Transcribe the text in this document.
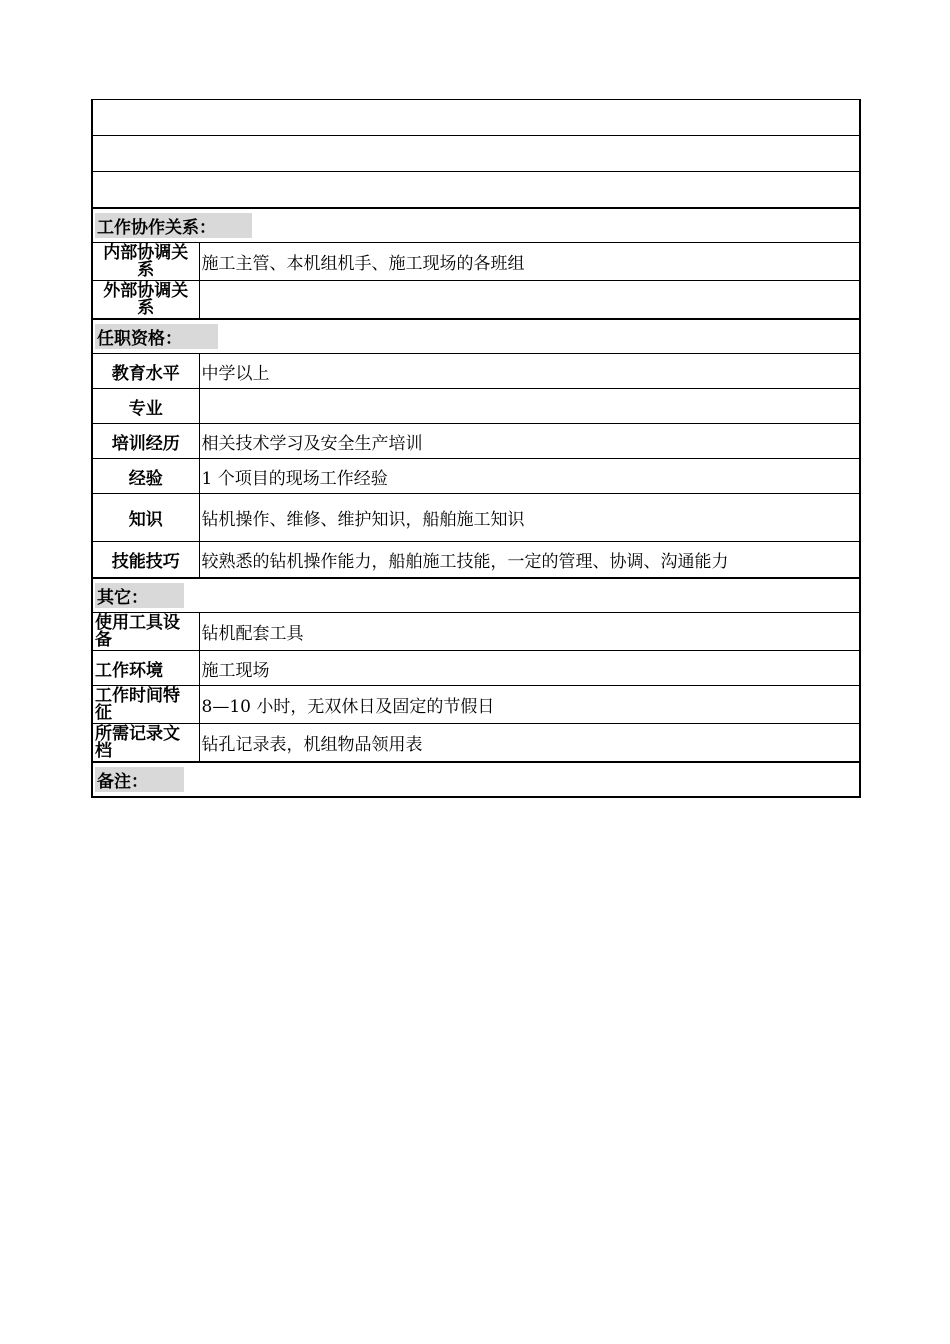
工作协作关系：	
内部协调关系	施工主管、本机组机手、施工现场的各班组
外部协调关系	
任职资格：	
教育水平	中学以上
专业	
培训经历	相关技术学习及安全生产培训
经验	1 个项目的现场工作经验
知识	钻机操作、维修、维护知识，船舶施工知识
技能技巧	较熟悉的钻机操作能力，船舶施工技能，一定的管理、协调、沟通能力
其它：	
使用工具设备	钻机配套工具
工作环境	施工现场
工作时间特征	8—10 小时，无双休日及固定的节假日
所需记录文档	钻孔记录表，机组物品领用表
备注：	
